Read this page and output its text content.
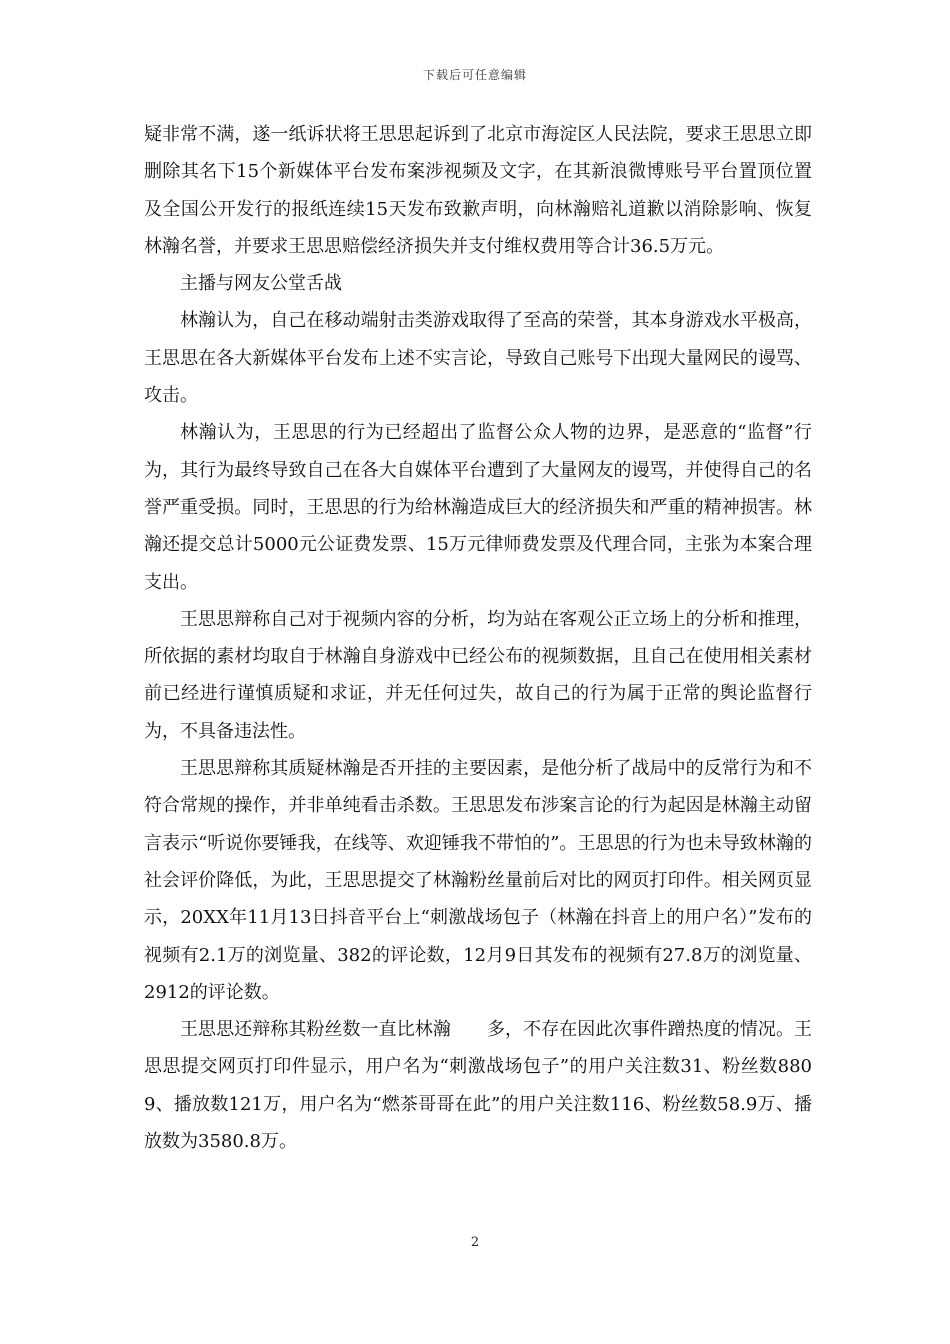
下载后可任意编辑

疑非常不满，遂一纸诉状将王思思起诉到了北京市海淀区人民法院，要求王思思立即删除其名下15个新媒体平台发布案涉视频及文字，在其新浪微博账号平台置顶位置及全国公开发行的报纸连续15天发布致歉声明，向林瀚赔礼道歉以消除影响、恢复林瀚名誉，并要求王思思赔偿经济损失并支付维权费用等合计36.5万元。

主播与网友公堂舌战

林瀚认为，自己在移动端射击类游戏取得了至高的荣誉，其本身游戏水平极高，王思思在各大新媒体平台发布上述不实言论，导致自己账号下出现大量网民的谩骂、攻击。

林瀚认为，王思思的行为已经超出了监督公众人物的边界，是恶意的“监督”行为，其行为最终导致自己在各大自媒体平台遭到了大量网友的谩骂，并使得自己的名誉严重受损。同时，王思思的行为给林瀚造成巨大的经济损失和严重的精神损害。林瀚还提交总计5000元公证费发票、15万元律师费发票及代理合同，主张为本案合理支出。

王思思辩称自己对于视频内容的分析，均为站在客观公正立场上的分析和推理，所依据的素材均取自于林瀚自身游戏中已经公布的视频数据，且自己在使用相关素材前已经进行谨慎质疑和求证，并无任何过失，故自己的行为属于正常的舆论监督行为，不具备违法性。

王思思辩称其质疑林瀚是否开挂的主要因素，是他分析了战局中的反常行为和不符合常规的操作，并非单纯看击杀数。王思思发布涉案言论的行为起因是林瀚主动留言表示“听说你要锤我，在线等、欢迎锤我不带怕的”。王思思的行为也未导致林瀚的社会评价降低，为此，王思思提交了林瀚粉丝量前后对比的网页打印件。相关网页显示，20XX年11月13日抖音平台上“刺激战场包子（林瀚在抖音上的用户名）”发布的视频有2.1万的浏览量、382的评论数，12月9日其发布的视频有27.8万的浏览量、2912的评论数。

王思思还辩称其粉丝数一直比林瀚 多，不存在因此次事件蹭热度的情况。王思思提交网页打印件显示，用户名为“刺激战场包子”的用户关注数31、粉丝数8809、播放数121万，用户名为“燃茶哥哥在此”的用户关注数116、粉丝数58.9万、播放数为3580.8万。

2
